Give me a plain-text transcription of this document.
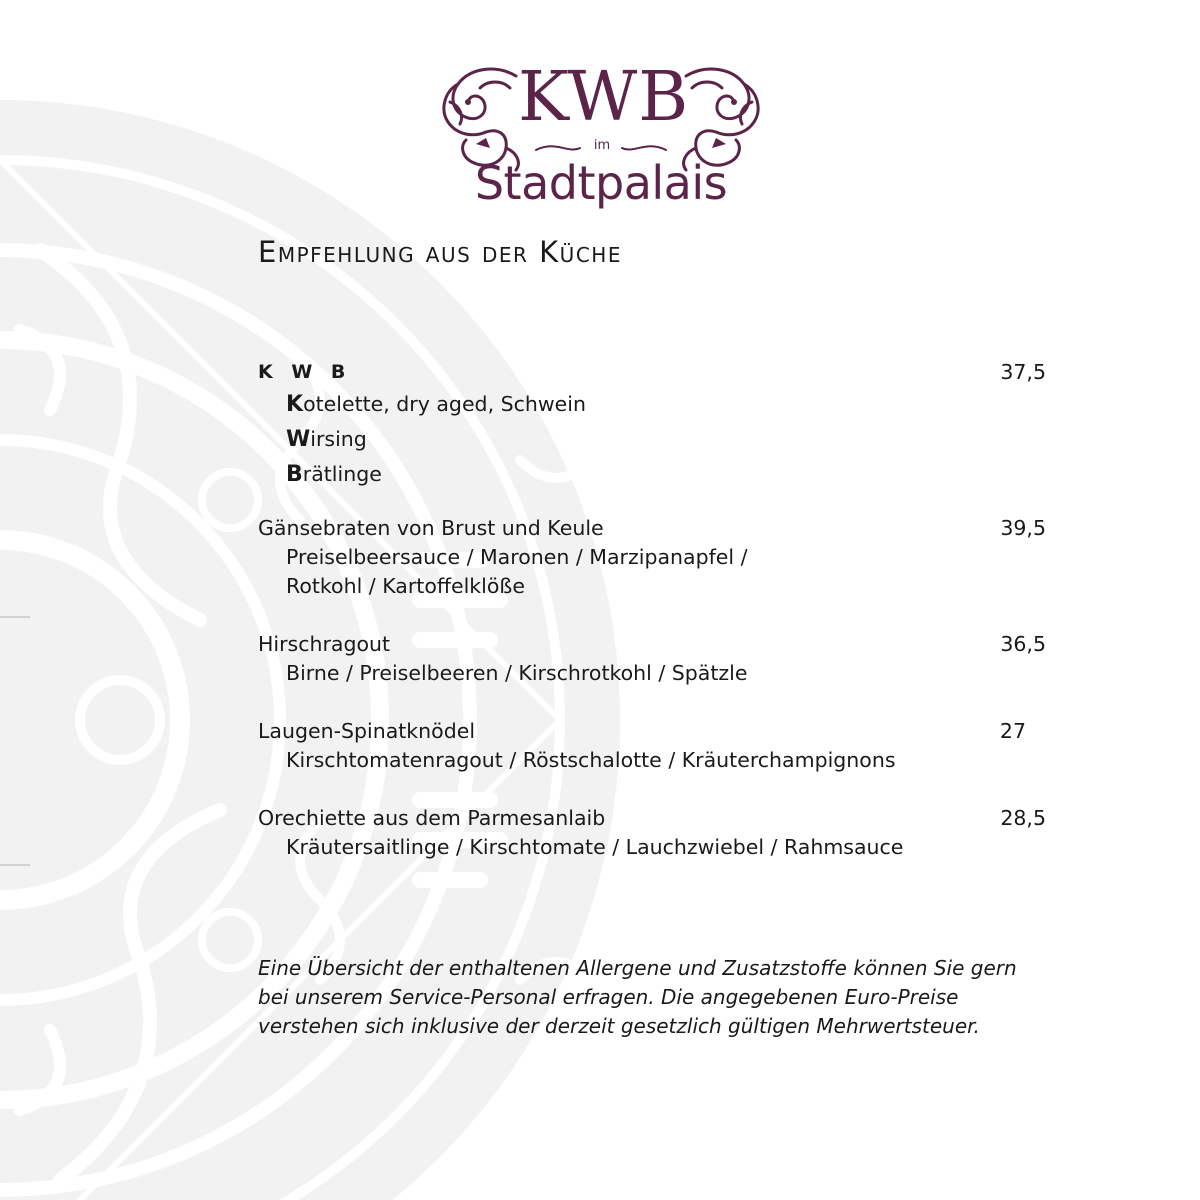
KWB
im
Stadtpalais
Empfehlung aus der Küche
K W B	37,5
Kotelette, dry aged, Schwein
Wirsing
Brätlinge
Gänsebraten von Brust und Keule	39,5
Preiselbeersauce / Maronen / Marzipanapfel /
Rotkohl / Kartoffelklöße
Hirschragout	36,5
Birne / Preiselbeeren / Kirschrotkohl / Spätzle
Laugen-Spinatknödel	27
Kirschtomatenragout / Röstschalotte / Kräuterchampignons
Orechiette aus dem Parmesanlaib	28,5
Kräutersaitlinge / Kirschtomate / Lauchzwiebel / Rahmsauce
Eine Übersicht der enthaltenen Allergene und Zusatzstoffe können Sie gern
bei unserem Service-Personal erfragen. Die angegebenen Euro-Preise
verstehen sich inklusive der derzeit gesetzlich gültigen Mehrwertsteuer.
